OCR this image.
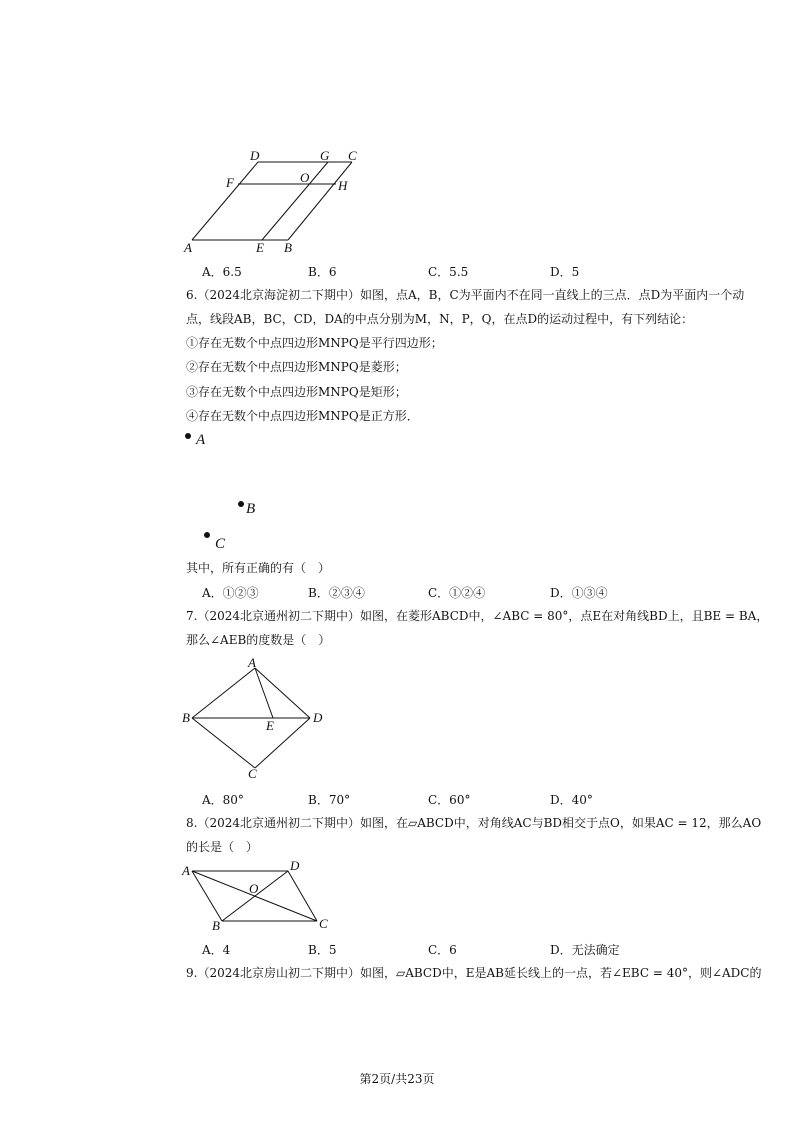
D	G C
F	O
H
A	E B
A．6.5	B．6	C．5.5	D．5
6.（2024北京海淀初二下期中）如图，点A，B，C为平面内不在同一直线上的三点．点D为平面内一个动
点，线段AB，BC，CD，DA的中点分别为M，N，P，Q，在点D的运动过程中，有下列结论：
①存在无数个中点四边形MNPQ是平行四边形；
②存在无数个中点四边形MNPQ是菱形；
③存在无数个中点四边形MNPQ是矩形；
④存在无数个中点四边形MNPQ是正方形．
A
B
C
其中，所有正确的有（　）
A．①②③	B．②③④	C．①②④	D．①③④
7.（2024北京通州初二下期中）如图，在菱形ABCD中，∠ABC = 80°，点E在对角线BD上，且BE = BA，
那么∠AEB的度数是（　）
A
B	D
E
C
A．80°	B．70°	C．60°	D．40°
8.（2024北京通州初二下期中）如图，在▱ABCD中，对角线AC与BD相交于点O，如果AC = 12，那么AO
的长是（　）
A	D
O
B	C
A．4	B．5	C．6	D．无法确定
9.（2024北京房山初二下期中）如图，▱ABCD中，E是AB延长线上的一点，若∠EBC = 40°，则∠ADC的
第2页/共23页
